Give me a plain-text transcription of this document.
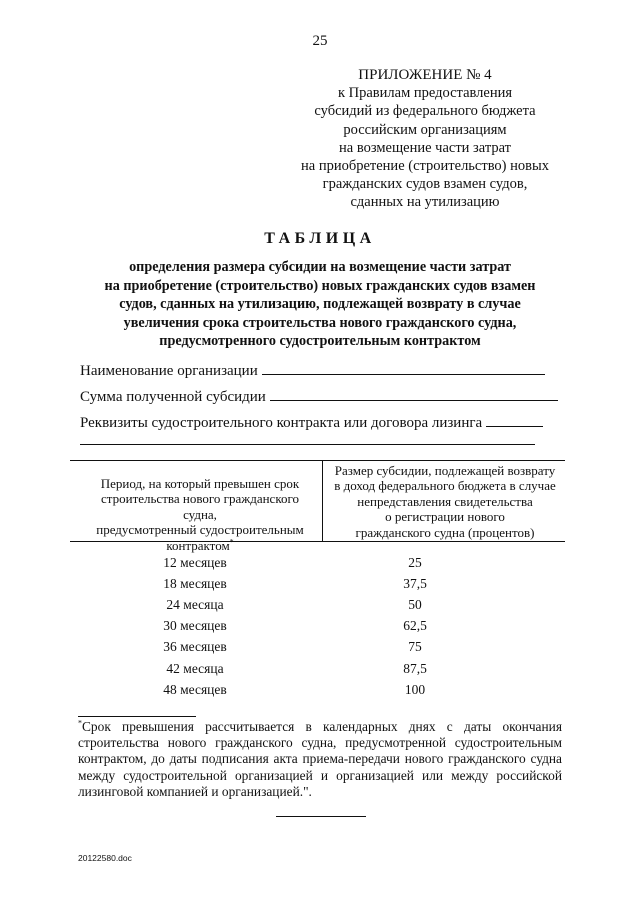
25
ПРИЛОЖЕНИЕ № 4
к Правилам предоставления
субсидий из федерального бюджета
российским организациям
на возмещение части затрат
на приобретение (строительство) новых
гражданских судов взамен судов,
сданных на утилизацию
ТАБЛИЦА
определения размера субсидии на возмещение части затрат
на приобретение (строительство) новых гражданских судов взамен
судов, сданных на утилизацию, подлежащей возврату в случае
увеличения срока строительства нового гражданского судна,
предусмотренного судостроительным контрактом
Наименование организации
Сумма полученной субсидии
Реквизиты судостроительного контракта или договора лизинга
Период, на который превышен срок
строительства нового гражданского судна,
предусмотренный судостроительным
контрактом*
Размер субсидии, подлежащей возврату
в доход федерального бюджета в случае
непредставления свидетельства
о регистрации нового
гражданского судна (процентов)
12 месяцев	25
18 месяцев	37,5
24 месяца	50
30 месяцев	62,5
36 месяцев	75
42 месяца	87,5
48 месяцев	100
*Срок превышения рассчитывается в календарных днях с даты окончания строительства нового гражданского судна, предусмотренной судостроительным контрактом, до даты подписания акта приема-передачи нового гражданского судна между судостроительной организацией и организацией или между российской лизинговой компанией и организацией.".
20122580.doc
